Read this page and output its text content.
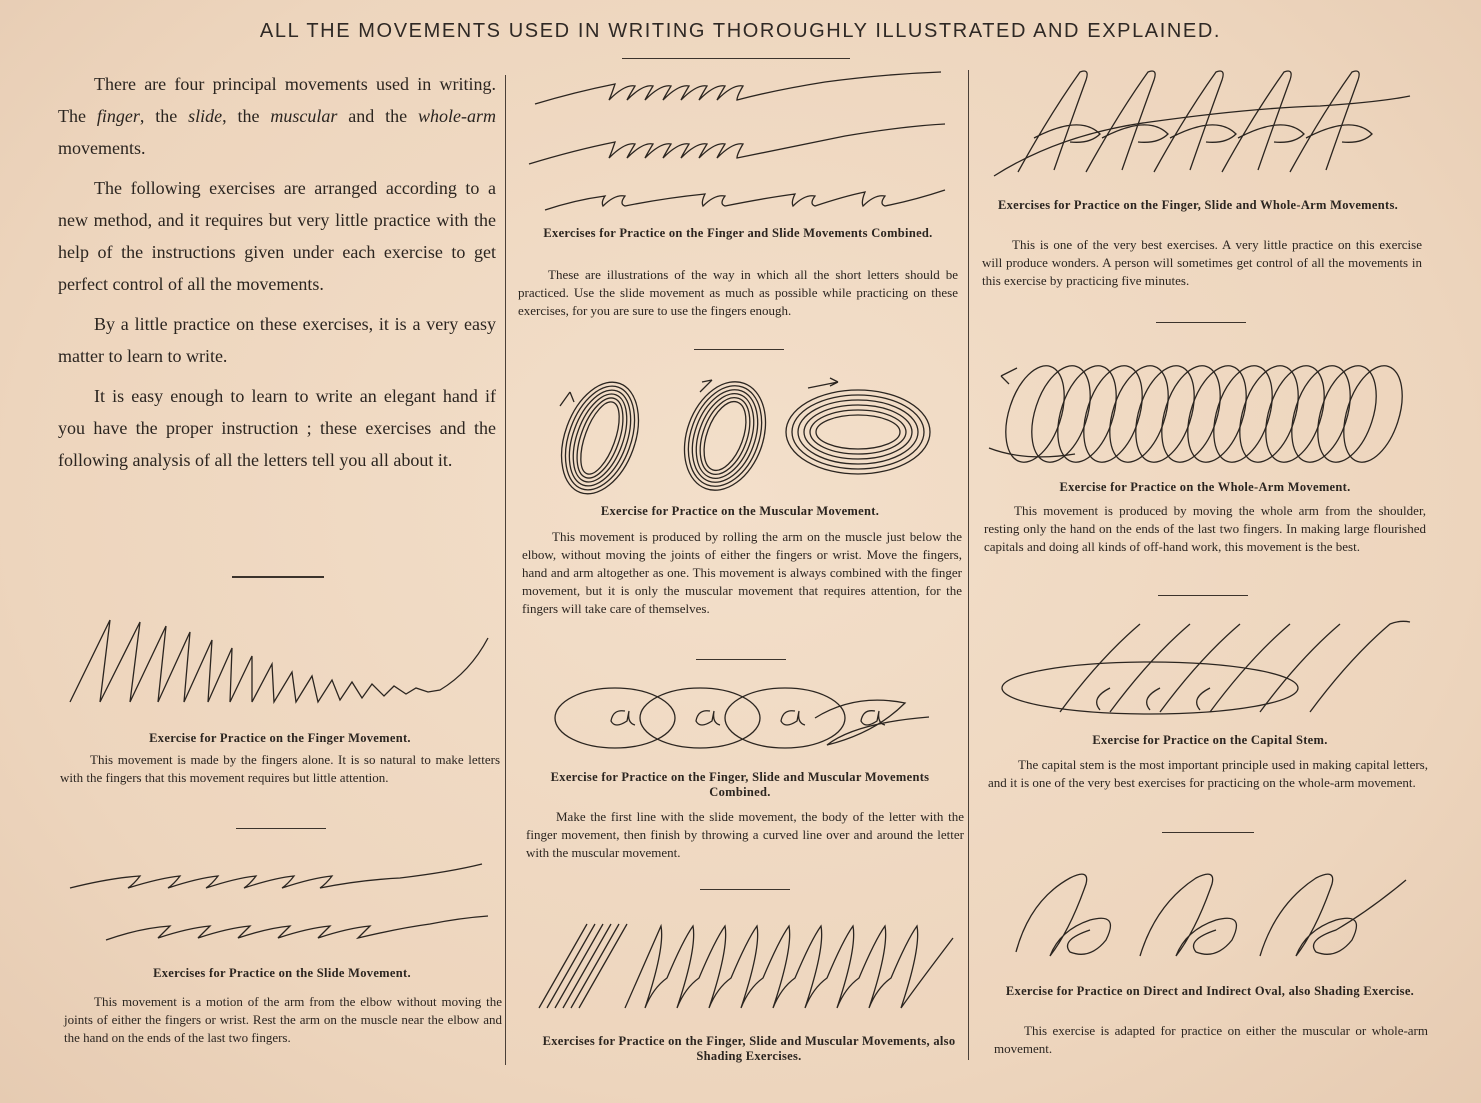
ALL THE MOVEMENTS USED IN WRITING THOROUGHLY ILLUSTRATED AND EXPLAINED.

There are four principal movements used in writing. The finger, the slide, the muscular and the whole-arm movements.

The following exercises are arranged according to a new method, and it requires but very little practice with the help of the instructions given under each exercise to get perfect control of all the movements.

By a little practice on these exercises, it is a very easy matter to learn to write.

It is easy enough to learn to write an elegant hand if you have the proper instruction ; these exercises and the following analysis of all the letters tell you all about it.

Exercise for Practice on the Finger Movement.

This movement is made by the fingers alone. It is so natural to make letters with the fingers that this movement requires but little attention.

Exercises for Practice on the Slide Movement.

This movement is a motion of the arm from the elbow without moving the joints of either the fingers or wrist. Rest the arm on the muscle near the elbow and the hand on the ends of the last two fingers.

Exercises for Practice on the Finger and Slide Movements Combined.

These are illustrations of the way in which all the short letters should be practiced. Use the slide movement as much as possible while practicing on these exercises, for you are sure to use the fingers enough.

Exercise for Practice on the Muscular Movement.

This movement is produced by rolling the arm on the muscle just below the elbow, without moving the joints of either the fingers or wrist. Move the fingers, hand and arm altogether as one. This movement is always combined with the finger movement, but it is only the muscular movement that requires attention, for the fingers will take care of themselves.

Exercise for Practice on the Finger, Slide and Muscular Movements Combined.

Make the first line with the slide movement, the body of the letter with the finger movement, then finish by throwing a curved line over and around the letter with the muscular movement.

Exercises for Practice on the Finger, Slide and Muscular Movements, also Shading Exercises.
Exercises for Practice on the Finger, Slide and Whole-Arm Movements.

This is one of the very best exercises. A very little practice on this exercise will produce wonders. A person will sometimes get control of all the movements in this exercise by practicing five minutes.

Exercise for Practice on the Whole-Arm Movement.

This movement is produced by moving the whole arm from the shoulder, resting only the hand on the ends of the last two fingers. In making large flourished capitals and doing all kinds of off-hand work, this movement is the best.

Exercise for Practice on the Capital Stem.

The capital stem is the most important principle used in making capital letters, and it is one of the very best exercises for practicing on the whole-arm movement.

Exercise for Practice on Direct and Indirect Oval, also Shading Exercise.

This exercise is adapted for practice on either the muscular or whole-arm movement.
